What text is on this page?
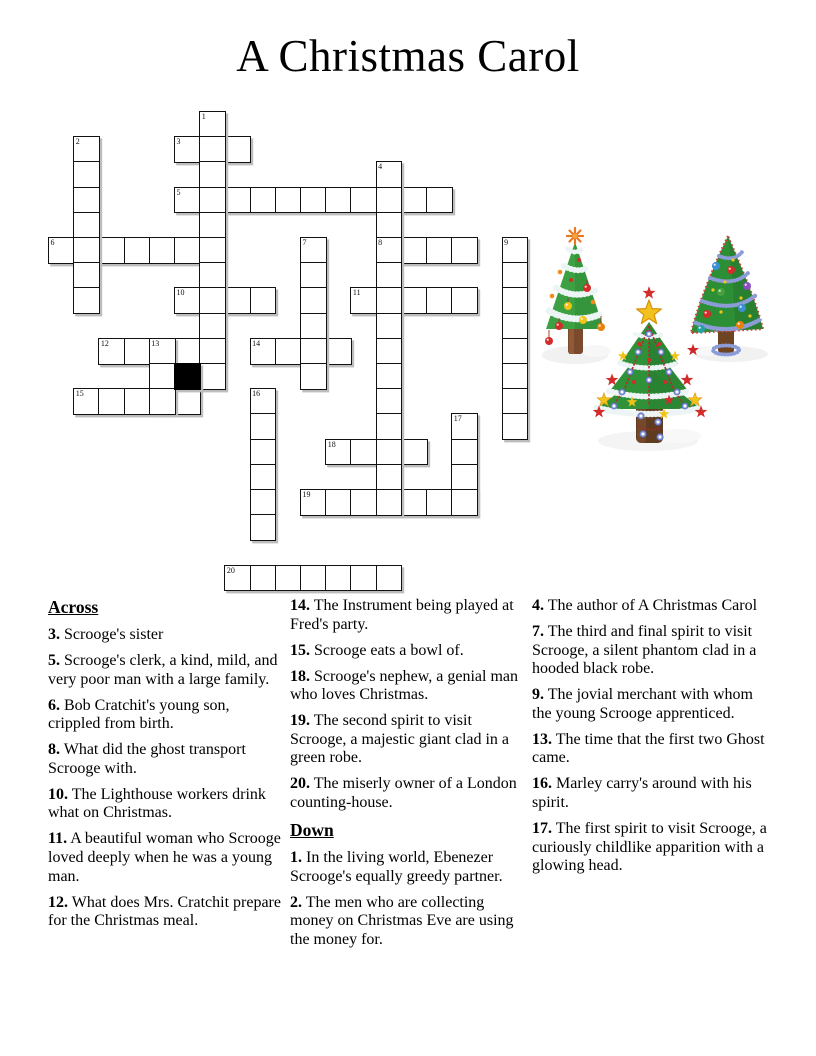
A Christmas Carol
3
5
6	8
10	11
12	14
15
18
19
20
1
2
4
7	9
13
16
17
Across

3. Scrooge's sister

5. Scrooge's clerk, a kind, mild, and very poor man with a large family.

6. Bob Cratchit's young son, crippled from birth.

8. What did the ghost transport Scrooge with.

10. The Lighthouse workers drink what on Christmas.

11. A beautiful woman who Scrooge loved deeply when he was a young man.

12. What does Mrs. Cratchit prepare for the Christmas meal.

14. The Instrument being played at Fred's party.

15. Scrooge eats a bowl of.

18. Scrooge's nephew, a genial man who loves Christmas.

19. The second spirit to visit Scrooge, a majestic giant clad in a green robe.

20. The miserly owner of a London counting-house.

Down

1. In the living world, Ebenezer Scrooge's equally greedy partner.

2. The men who are collecting money on Christmas Eve are using the money for.

4. The author of A Christmas Carol

7. The third and final spirit to visit Scrooge, a silent phantom clad in a hooded black robe.

9. The jovial merchant with whom the young Scrooge apprenticed.

13. The time that the first two Ghost came.

16. Marley carry's around with his spirit.

17. The first spirit to visit Scrooge, a curiously childlike apparition with a glowing head.
